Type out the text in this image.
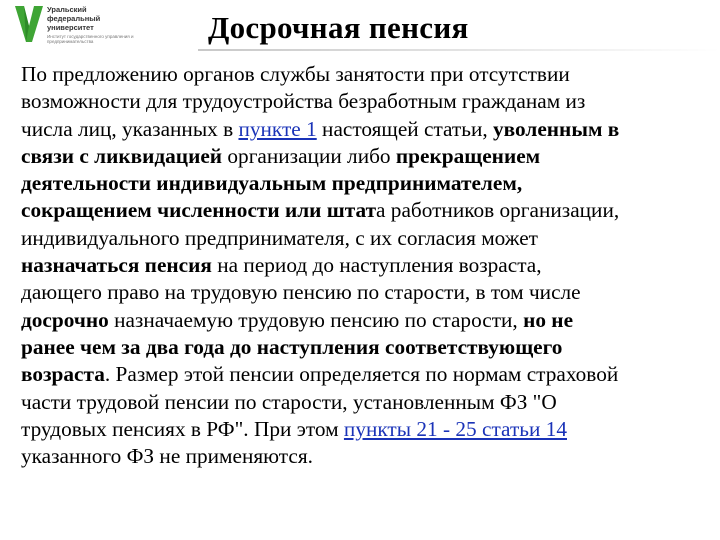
Уральский
федеральный
университет
Институт государственного управления и предпринимательства	Досрочная пенсия
По предложению органов службы занятости при отсутствии
возможности для трудоустройства безработным гражданам из
числа лиц, указанных в пункте 1 настоящей статьи, уволенным в
связи с ликвидацией организации либо прекращением
деятельности индивидуальным предпринимателем,
сокращением численности или штата работников организации,
индивидуального предпринимателя, с их согласия может
назначаться пенсия на период до наступления возраста,
дающего право на трудовую пенсию по старости, в том числе
досрочно назначаемую трудовую пенсию по старости, но не
ранее чем за два года до наступления соответствующего
возраста. Размер этой пенсии определяется по нормам страховой
части трудовой пенсии по старости, установленным ФЗ "О
трудовых пенсиях в РФ". При этом пункты 21 - 25 статьи 14
указанного ФЗ не применяются.
